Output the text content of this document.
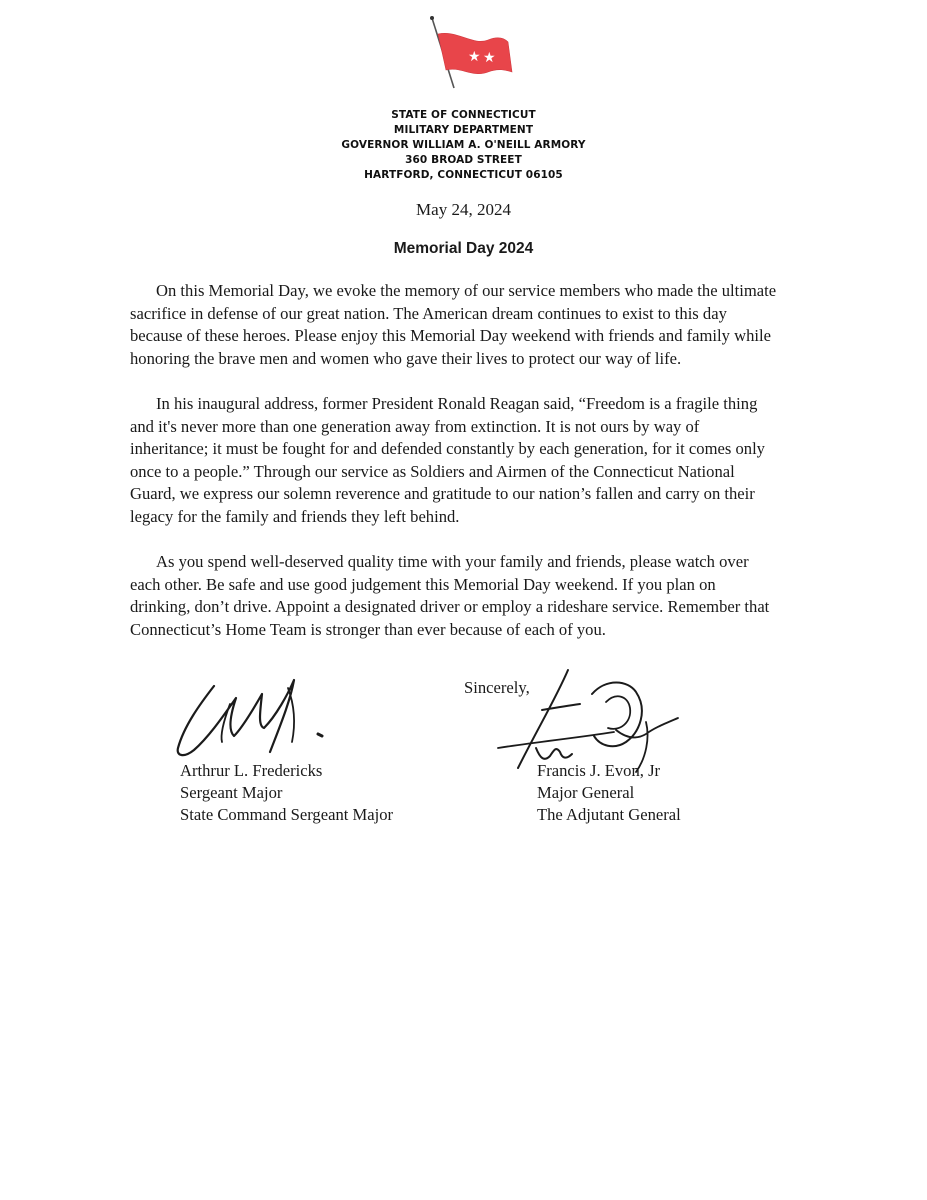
★ ★
STATE OF CONNECTICUT
MILITARY DEPARTMENT
GOVERNOR WILLIAM A. O'NEILL ARMORY
360 BROAD STREET
HARTFORD, CONNECTICUT 06105
May 24, 2024
Memorial Day 2024

On this Memorial Day, we evoke the memory of our service members who made the ultimate sacrifice in defense of our great nation. The American dream continues to exist to this day because of these heroes. Please enjoy this Memorial Day weekend with friends and family while honoring the brave men and women who gave their lives to protect our way of life.

In his inaugural address, former President Ronald Reagan said, “Freedom is a fragile thing and it's never more than one generation away from extinction. It is not ours by way of inheritance; it must be fought for and defended constantly by each generation, for it comes only once to a people.” Through our service as Soldiers and Airmen of the Connecticut National Guard, we express our solemn reverence and gratitude to our nation’s fallen and carry on their legacy for the family and friends they left behind.

As you spend well-deserved quality time with your family and friends, please watch over each other. Be safe and use good judgement this Memorial Day weekend. If you plan on drinking, don’t drive. Appoint a designated driver or employ a rideshare service. Remember that Connecticut’s Home Team is stronger than ever because of each of you.

Sincerely,
Arthrur L. Fredericks
Sergeant Major
State Command Sergeant Major
Francis J. Evon, Jr
Major General
The Adjutant General
